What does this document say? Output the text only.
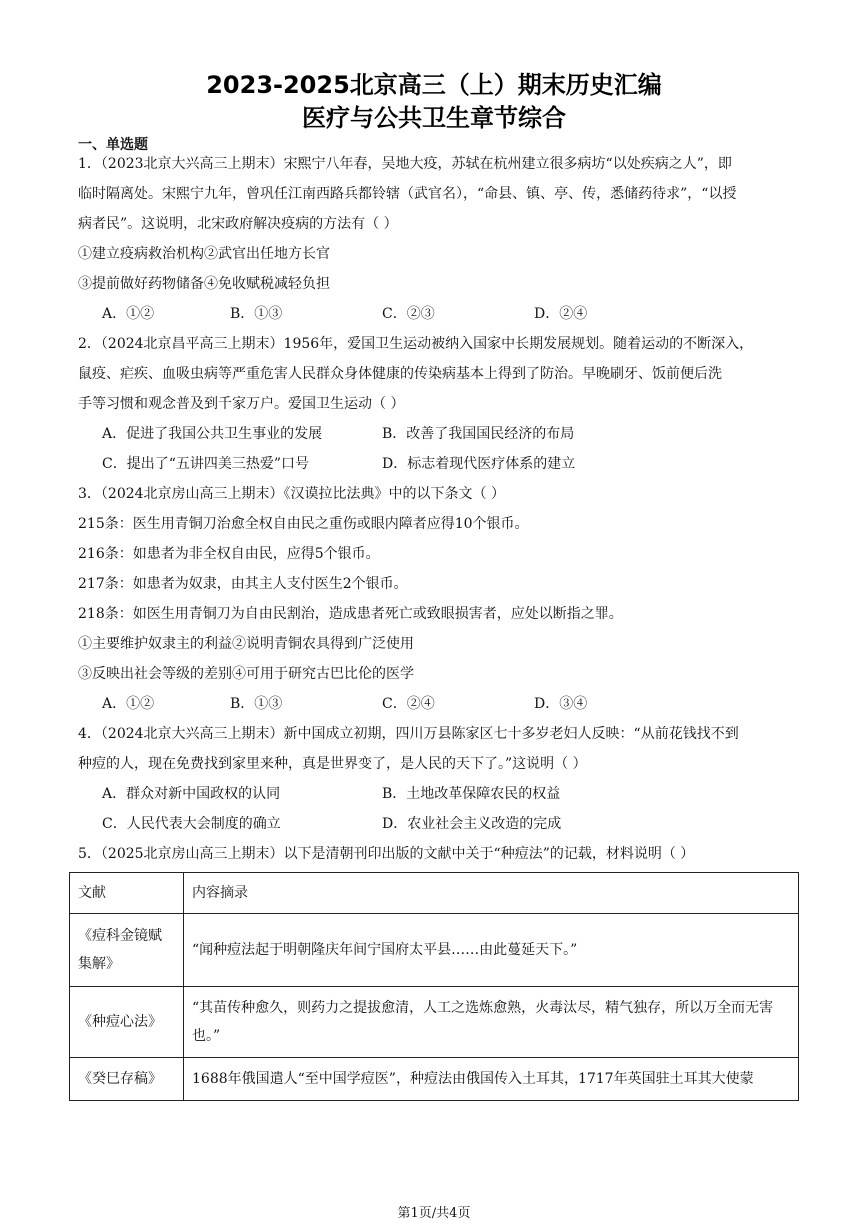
2023-2025北京高三（上）期末历史汇编
医疗与公共卫生章节综合
一、单选题
1．（2023北京大兴高三上期末）宋熙宁八年春，吴地大疫，苏轼在杭州建立很多病坊“以处疾病之人”，即
临时隔离处。宋熙宁九年，曾巩任江南西路兵都铃辖（武官名），“命县、镇、亭、传，悉储药待求”，“以授
病者民”。这说明，北宋政府解决疫病的方法有（ ）
①建立疫病救治机构②武官出任地方长官
③提前做好药物储备④免收赋税减轻负担
A．①②	B．①③	C．②③	D．②④
2．（2024北京昌平高三上期末）1956年，爱国卫生运动被纳入国家中长期发展规划。随着运动的不断深入，
鼠疫、疟疾、血吸虫病等严重危害人民群众身体健康的传染病基本上得到了防治。早晚刷牙、饭前便后洗
手等习惯和观念普及到千家万户。爱国卫生运动（ ）
A．促进了我国公共卫生事业的发展	B．改善了我国国民经济的布局
C．提出了“五讲四美三热爱”口号	D．标志着现代医疗体系的建立
3．（2024北京房山高三上期末）《汉谟拉比法典》中的以下条文（ ）
215条：医生用青铜刀治愈全权自由民之重伤或眼内障者应得10个银币。
216条：如患者为非全权自由民，应得5个银币。
217条：如患者为奴隶，由其主人支付医生2个银币。
218条：如医生用青铜刀为自由民割治，造成患者死亡或致眼损害者，应处以断指之罪。
①主要维护奴隶主的利益②说明青铜农具得到广泛使用
③反映出社会等级的差别④可用于研究古巴比伦的医学
A．①②	B．①③	C．②④	D．③④
4．（2024北京大兴高三上期末）新中国成立初期，四川万县陈家区七十多岁老妇人反映：“从前花钱找不到
种痘的人，现在免费找到家里来种，真是世界变了，是人民的天下了。”这说明（ ）
A．群众对新中国政权的认同	B．土地改革保障农民的权益
C．人民代表大会制度的确立	D．农业社会主义改造的完成
5．（2025北京房山高三上期末）以下是清朝刊印出版的文献中关于“种痘法”的记载，材料说明（ ）
文献	内容摘录
《痘科金镜赋集解》	“闻种痘法起于明朝隆庆年间宁国府太平县……由此蔓延天下。”
《种痘心法》	“其苗传种愈久，则药力之提拔愈清，人工之选炼愈熟，火毒汰尽，精气独存，所以万全而无害也。”
《癸巳存稿》	1688年俄国遣人“至中国学痘医”，种痘法由俄国传入土耳其，1717年英国驻土耳其大使蒙
第1页/共4页
